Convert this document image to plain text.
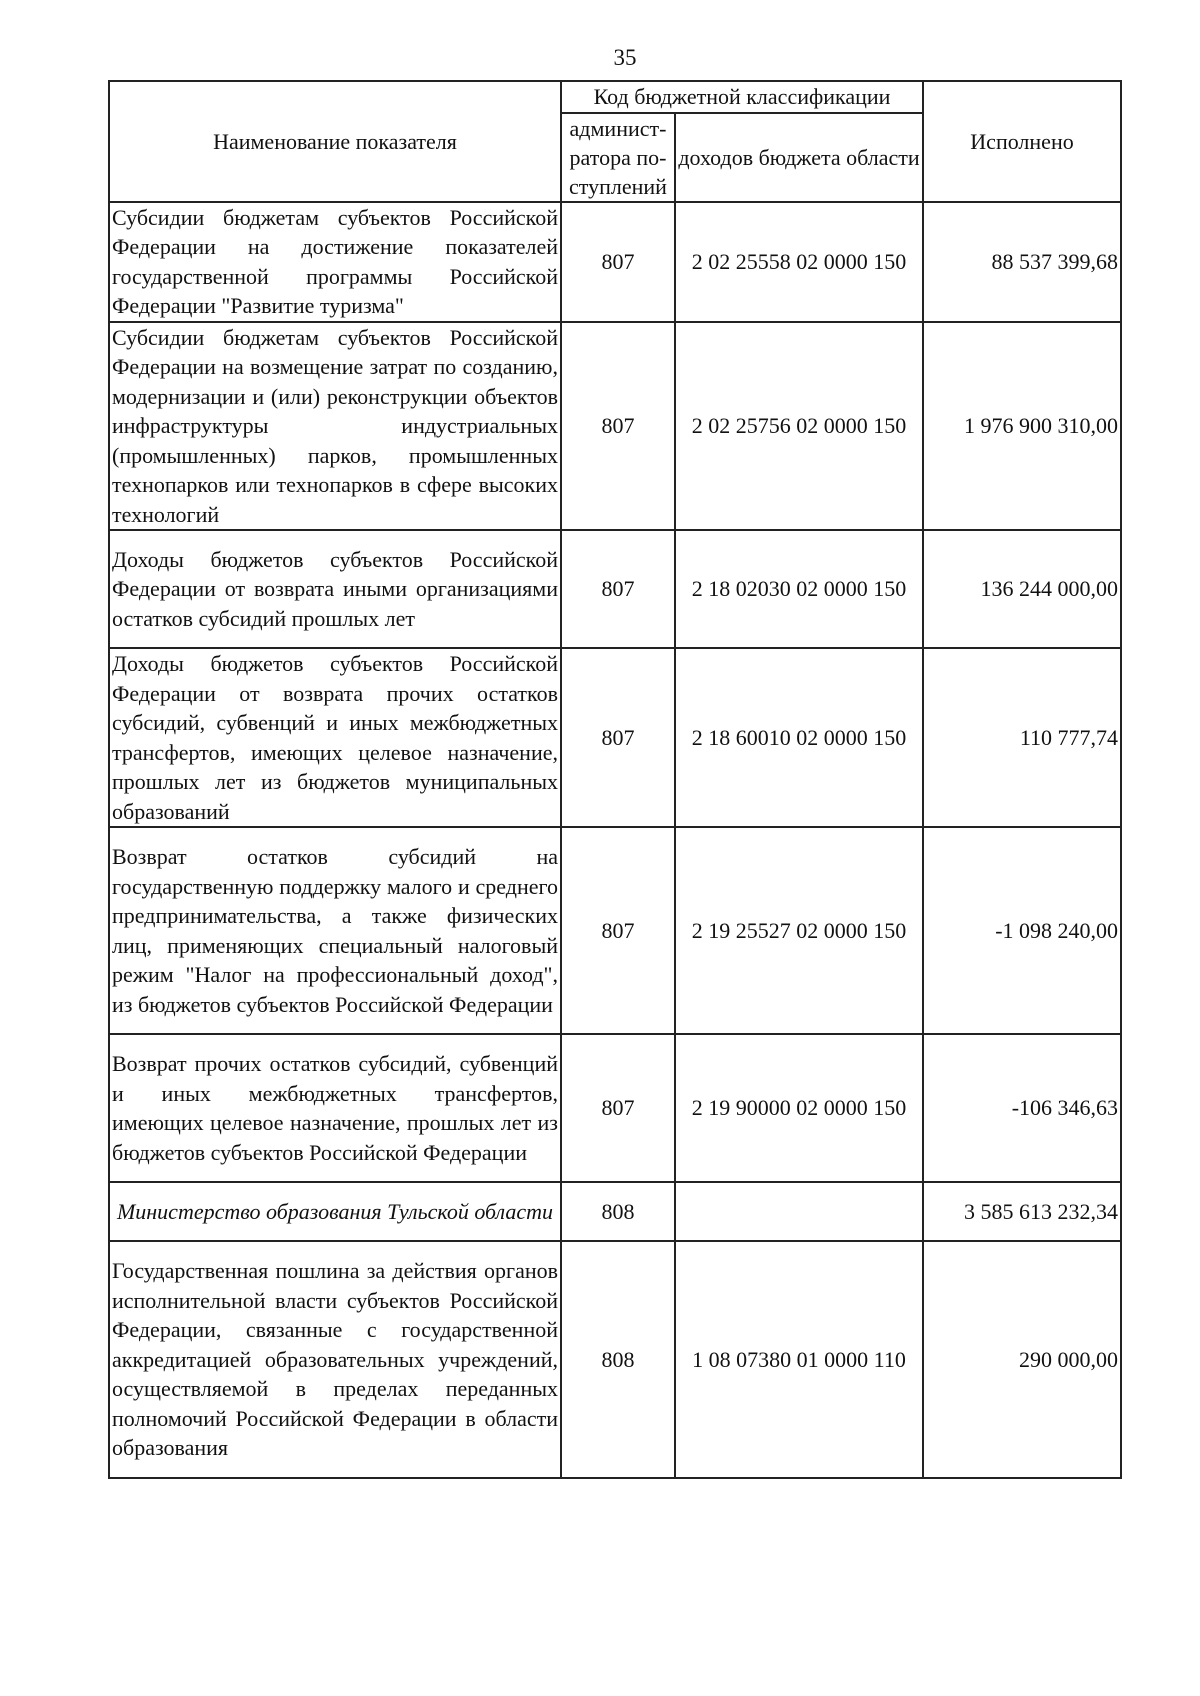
35
Наименование показателя	Код бюджетной классификации		Исполнено
	админист-ратора по-ступлений	доходов бюджета области	
Субсидии бюджетам субъектов Российской Федерации на достижение показателей государственной программы Российской Федерации "Развитие туризма"	807	2 02 25558 02 0000 150	88 537 399,68
Субсидии бюджетам субъектов Российской Федерации на возмещение затрат по созданию, модернизации и (или) реконструкции объектов инфраструктуры индустриальных (промышленных) парков, промышленных технопарков или технопарков в сфере высоких технологий	807	2 02 25756 02 0000 150	1 976 900 310,00
Доходы бюджетов субъектов Российской Федерации от возврата иными организациями остатков субсидий прошлых лет	807	2 18 02030 02 0000 150	136 244 000,00
Доходы бюджетов субъектов Российской Федерации от возврата прочих остатков субсидий, субвенций и иных межбюджетных трансфертов, имеющих целевое назначение, прошлых лет из бюджетов муниципальных образований	807	2 18 60010 02 0000 150	110 777,74
Возврат остатков субсидий на государственную поддержку малого и среднего предпринимательства, а также физических лиц, применяющих специальный налоговый режим "Налог на профессиональный доход", из бюджетов субъектов Российской Федерации	807	2 19 25527 02 0000 150	-1 098 240,00
Возврат прочих остатков субсидий, субвенций и иных межбюджетных трансфертов, имеющих целевое назначение, прошлых лет из бюджетов субъектов Российской Федерации	807	2 19 90000 02 0000 150	-106 346,63
Министерство образования Тульской области	808		3 585 613 232,34
Государственная пошлина за действия органов исполнительной власти субъектов Российской Федерации, связанные с государственной аккредитацией образовательных учреждений, осуществляемой в пределах переданных полномочий Российской Федерации в области образования	808	1 08 07380 01 0000 110	290 000,00
